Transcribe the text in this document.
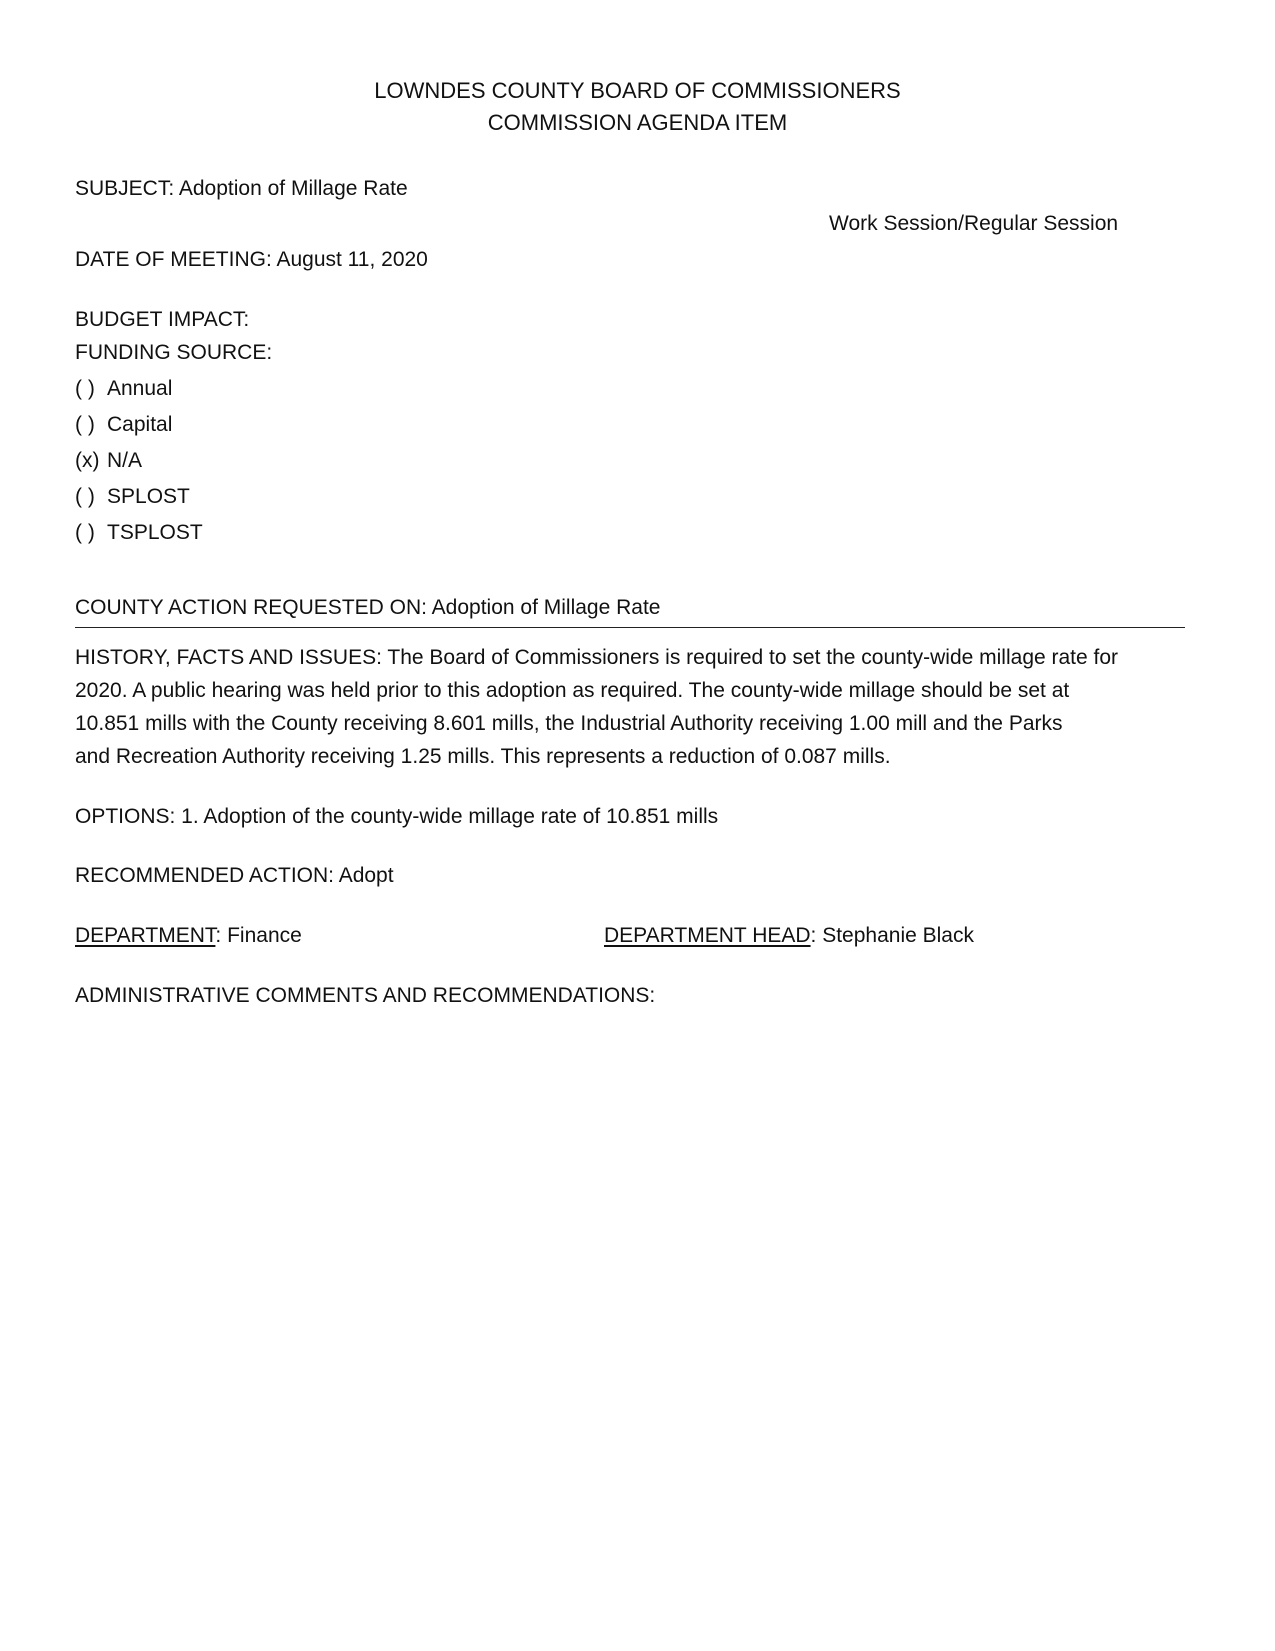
LOWNDES COUNTY BOARD OF COMMISSIONERS
COMMISSION AGENDA ITEM
SUBJECT: Adoption of Millage Rate
Work Session/Regular Session
DATE OF MEETING: August 11, 2020
BUDGET IMPACT:
FUNDING SOURCE:
( ) Annual
( ) Capital
(x) N/A
( ) SPLOST
( ) TSPLOST
COUNTY ACTION REQUESTED ON: Adoption of Millage Rate
HISTORY, FACTS AND ISSUES: The Board of Commissioners is required to set the county-wide millage rate for
2020. A public hearing was held prior to this adoption as required. The county-wide millage should be set at
10.851 mills with the County receiving 8.601 mills, the Industrial Authority receiving 1.00 mill and the Parks
and Recreation Authority receiving 1.25 mills. This represents a reduction of 0.087 mills.
OPTIONS: 1. Adoption of the county-wide millage rate of 10.851 mills
RECOMMENDED ACTION: Adopt
DEPARTMENT: Finance	DEPARTMENT HEAD: Stephanie Black
ADMINISTRATIVE COMMENTS AND RECOMMENDATIONS:
